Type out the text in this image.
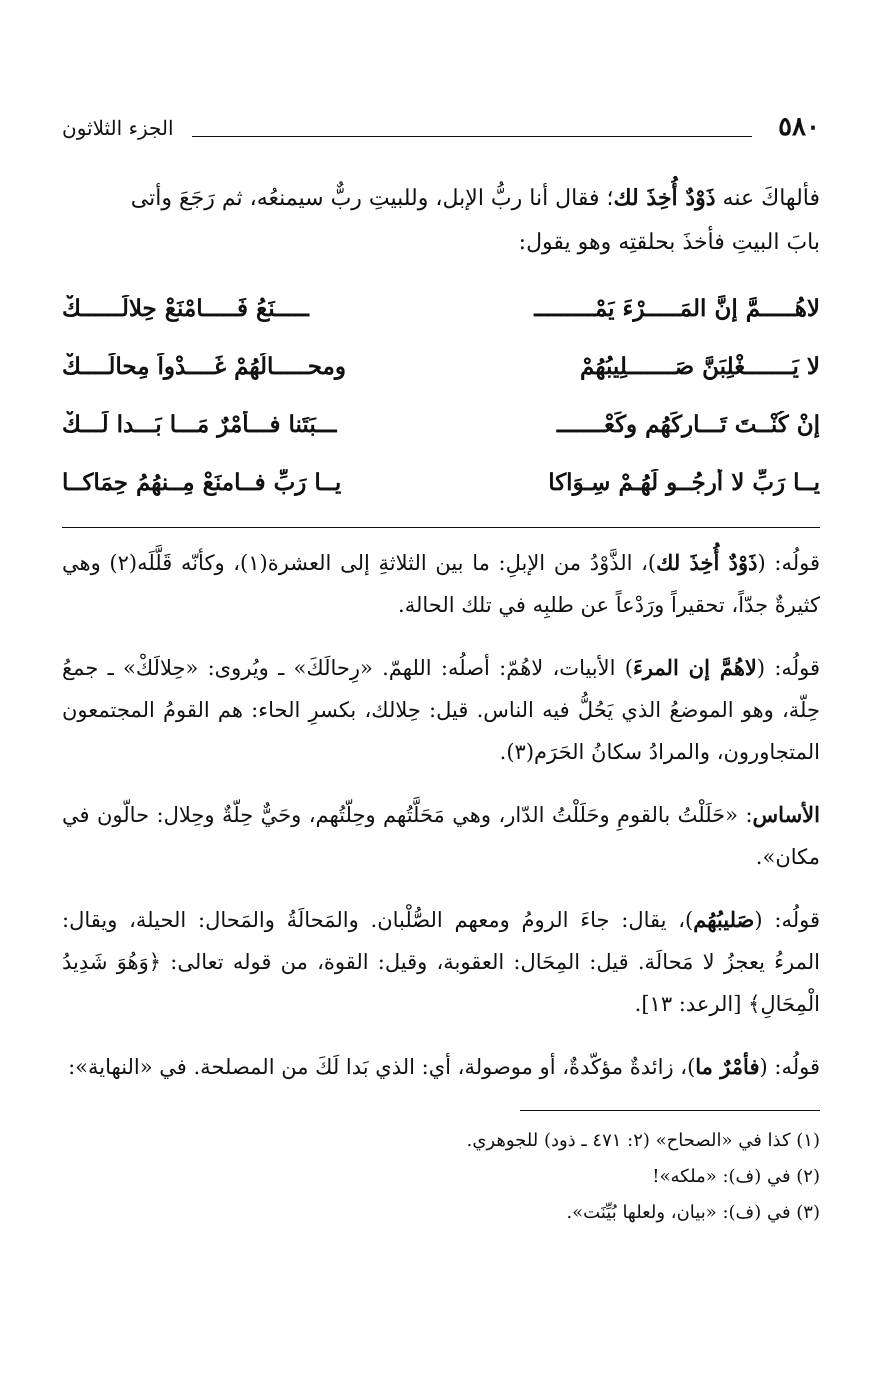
٥٨٠
الجزء الثلاثون
فألهاكَ عنه ذَوْدٌ أُخِذَ لك؛ فقال أنا ربُّ الإبل، وللبيتِ ربٌّ سيمنعُه، ثم رَجَعَ وأتى
بابَ البيتِ فأخذَ بحلقتِه وهو يقول:
لاهُـــــمَّ إنَّ المَـــــرْءَ يَمْـــــــــ
ـــــنَعُ فَـــــامْنَعْ حِلالَــــــكْ
لا يَـــــــغْلِبَنَّ صَـــــــلِيبُهُمْ
ومحـــــالُهُمْ غَــــدْواً مِحالَــــكْ
إنْ كُنْــتَ تَـــارِكَهُم وكَعْـــــــ
ـــبَتَنا فـــأمْرٌ مَـــا بَـــدا لَـــكْ
يــا رَبِّ لا أرجُــو لَهُـمْ سِـوَاكا
يــا رَبِّ فــامنَعْ مِــنهُمُ حِمَاكــا

قولُه: (ذَوْدٌ أُخِذَ لك)، الذَّوْدُ من الإبلِ: ما بين الثلاثةِ إلى العشرة(١)، وكأنّه قَلَّلَه(٢) وهي كثيرةٌ جدّاً، تحقيراً ورَدْعاً عن طلبِه في تلك الحالة.

قولُه: (لاهُمَّ إن المرءَ) الأبيات، لاهُمّ: أصلُه: اللهمّ. «رِحالَكَ» ـ ويُروى: «حِلالَكْ» ـ جمعُ حِلّة، وهو الموضعُ الذي يَحُلُّ فيه الناس. قيل: حِلالك، بكسرِ الحاء: هم القومُ المجتمعون المتجاورون، والمرادُ سكانُ الحَرَم(٣).

الأساس: «حَلَلْتُ بالقومِ وحَلَلْتُ الدّار، وهي مَحَلَّتُهم وحِلّتُهم، وحَيٌّ حِلّةٌ وحِلال: حالّون في مكان».

قولُه: (صَليبُهُم)، يقال: جاءَ الرومُ ومعهم الصُّلْبان. والمَحالَةُ والمَحال: الحيلة، ويقال: المرءُ يعجزُ لا مَحالَة. قيل: المِحَال: العقوبة، وقيل: القوة، من قوله تعالى: ﴿وَهُوَ شَدِيدُ الْمِحَالِ﴾ [الرعد: ١٣].

قولُه: (فأمْرٌ ما)، زائدةٌ مؤكّدةٌ، أو موصولة، أي: الذي بَدا لَكَ من المصلحة. في «النهاية»:

(١) كذا في «الصحاح» (٢: ٤٧١ ـ ذود) للجوهري.
(٢) في (ف): «ملكه»!
(٣) في (ف): «بيان، ولعلها بُيِّنَت».
